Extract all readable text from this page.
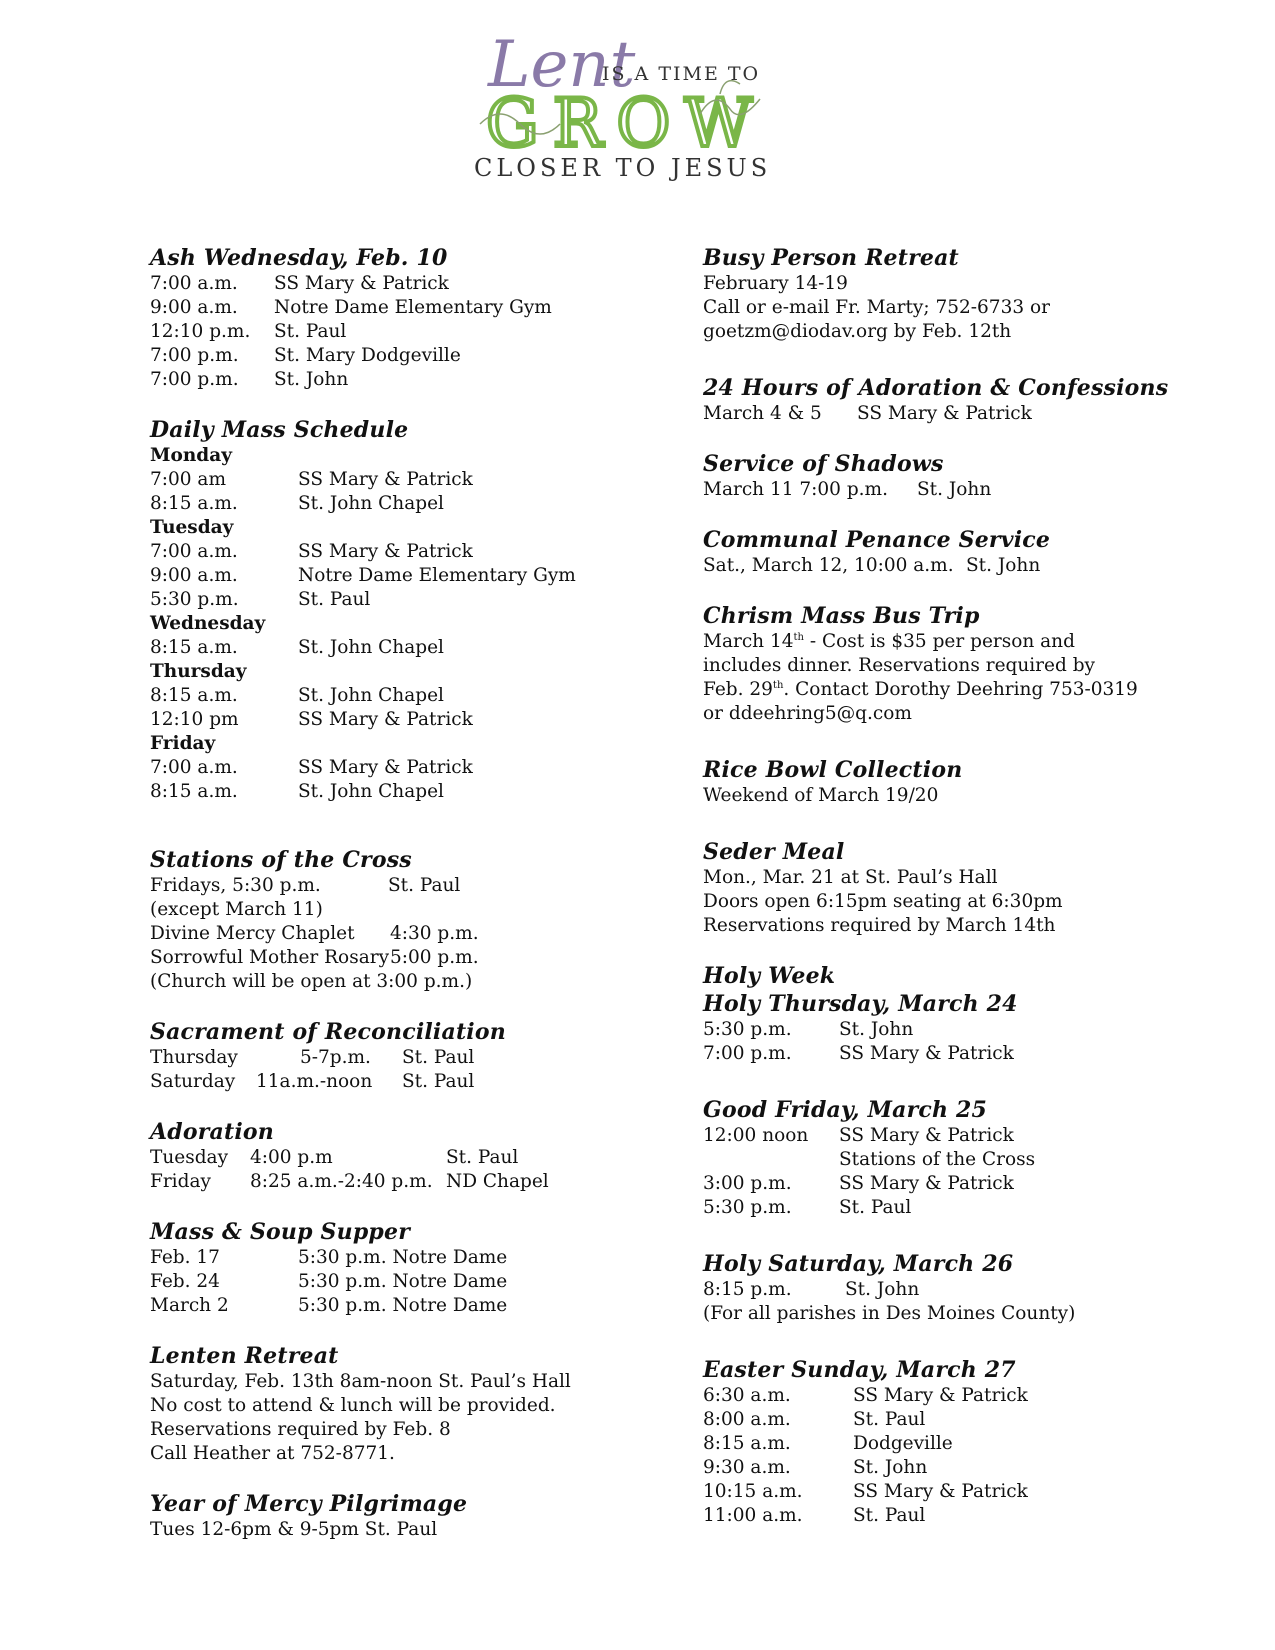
Lent
IS A TIME TO
GROW
CLOSER TO JESUS
Ash Wednesday, Feb. 10
7:00 a.m.	SS Mary & Patrick
9:00 a.m.	Notre Dame Elementary Gym
12:10 p.m.	St. Paul
7:00 p.m.	St. Mary Dodgeville
7:00 p.m.	St. John
Daily Mass Schedule
Monday
7:00 am	SS Mary & Patrick
8:15 a.m.	St. John Chapel
Tuesday
7:00 a.m.	SS Mary & Patrick
9:00 a.m.	Notre Dame Elementary Gym
5:30 p.m.	St. Paul
Wednesday
8:15 a.m.	St. John Chapel
Thursday
8:15 a.m.	St. John Chapel
12:10 pm	SS Mary & Patrick
Friday
7:00 a.m.	SS Mary & Patrick
8:15 a.m.	St. John Chapel
Stations of the Cross
Fridays, 5:30 p.m.	St. Paul
(except March 11)
Divine Mercy Chaplet	4:30 p.m.
Sorrowful Mother Rosary 5:00 p.m.
(Church will be open at 3:00 p.m.)
Sacrament of Reconciliation
Thursday	5-7p.m.	St. Paul
Saturday	11a.m.-noon	St. Paul
Adoration
Tuesday	4:00 p.m	St. Paul
Friday	8:25 a.m.-2:40 p.m. ND Chapel
Mass & Soup Supper
Feb. 17	5:30 p.m. Notre Dame
Feb. 24	5:30 p.m. Notre Dame
March 2	5:30 p.m. Notre Dame
Lenten Retreat
Saturday, Feb. 13th 8am-noon St. Paul’s Hall
No cost to attend & lunch will be provided.
Reservations required by Feb. 8
Call Heather at 752-8771.
Year of Mercy Pilgrimage
Tues 12-6pm & 9-5pm St. Paul
Busy Person Retreat
February 14-19
Call or e-mail Fr. Marty; 752-6733 or
goetzm@diodav.org by Feb. 12th
24 Hours of Adoration & Confessions
March 4 & 5	SS Mary & Patrick
Service of Shadows
March 11 7:00 p.m.	St. John
Communal Penance Service
Sat., March 12, 10:00 a.m. St. John
Chrism Mass Bus Trip
March 14th - Cost is $35 per person and
includes dinner. Reservations required by
Feb. 29th. Contact Dorothy Deehring 753-0319
or ddeehring5@q.com
Rice Bowl Collection
Weekend of March 19/20
Seder Meal
Mon., Mar. 21 at St. Paul’s Hall
Doors open 6:15pm seating at 6:30pm
Reservations required by March 14th
Holy Week
Holy Thursday, March 24
5:30 p.m.	St. John
7:00 p.m.	SS Mary & Patrick
Good Friday, March 25
12:00 noon	SS Mary & Patrick
Stations of the Cross
3:00 p.m.	SS Mary & Patrick
5:30 p.m.	St. Paul
Holy Saturday, March 26
8:15 p.m.	St. John
(For all parishes in Des Moines County)
Easter Sunday, March 27
6:30 a.m.	SS Mary & Patrick
8:00 a.m.	St. Paul
8:15 a.m.	Dodgeville
9:30 a.m.	St. John
10:15 a.m.	SS Mary & Patrick
11:00 a.m.	St. Paul
